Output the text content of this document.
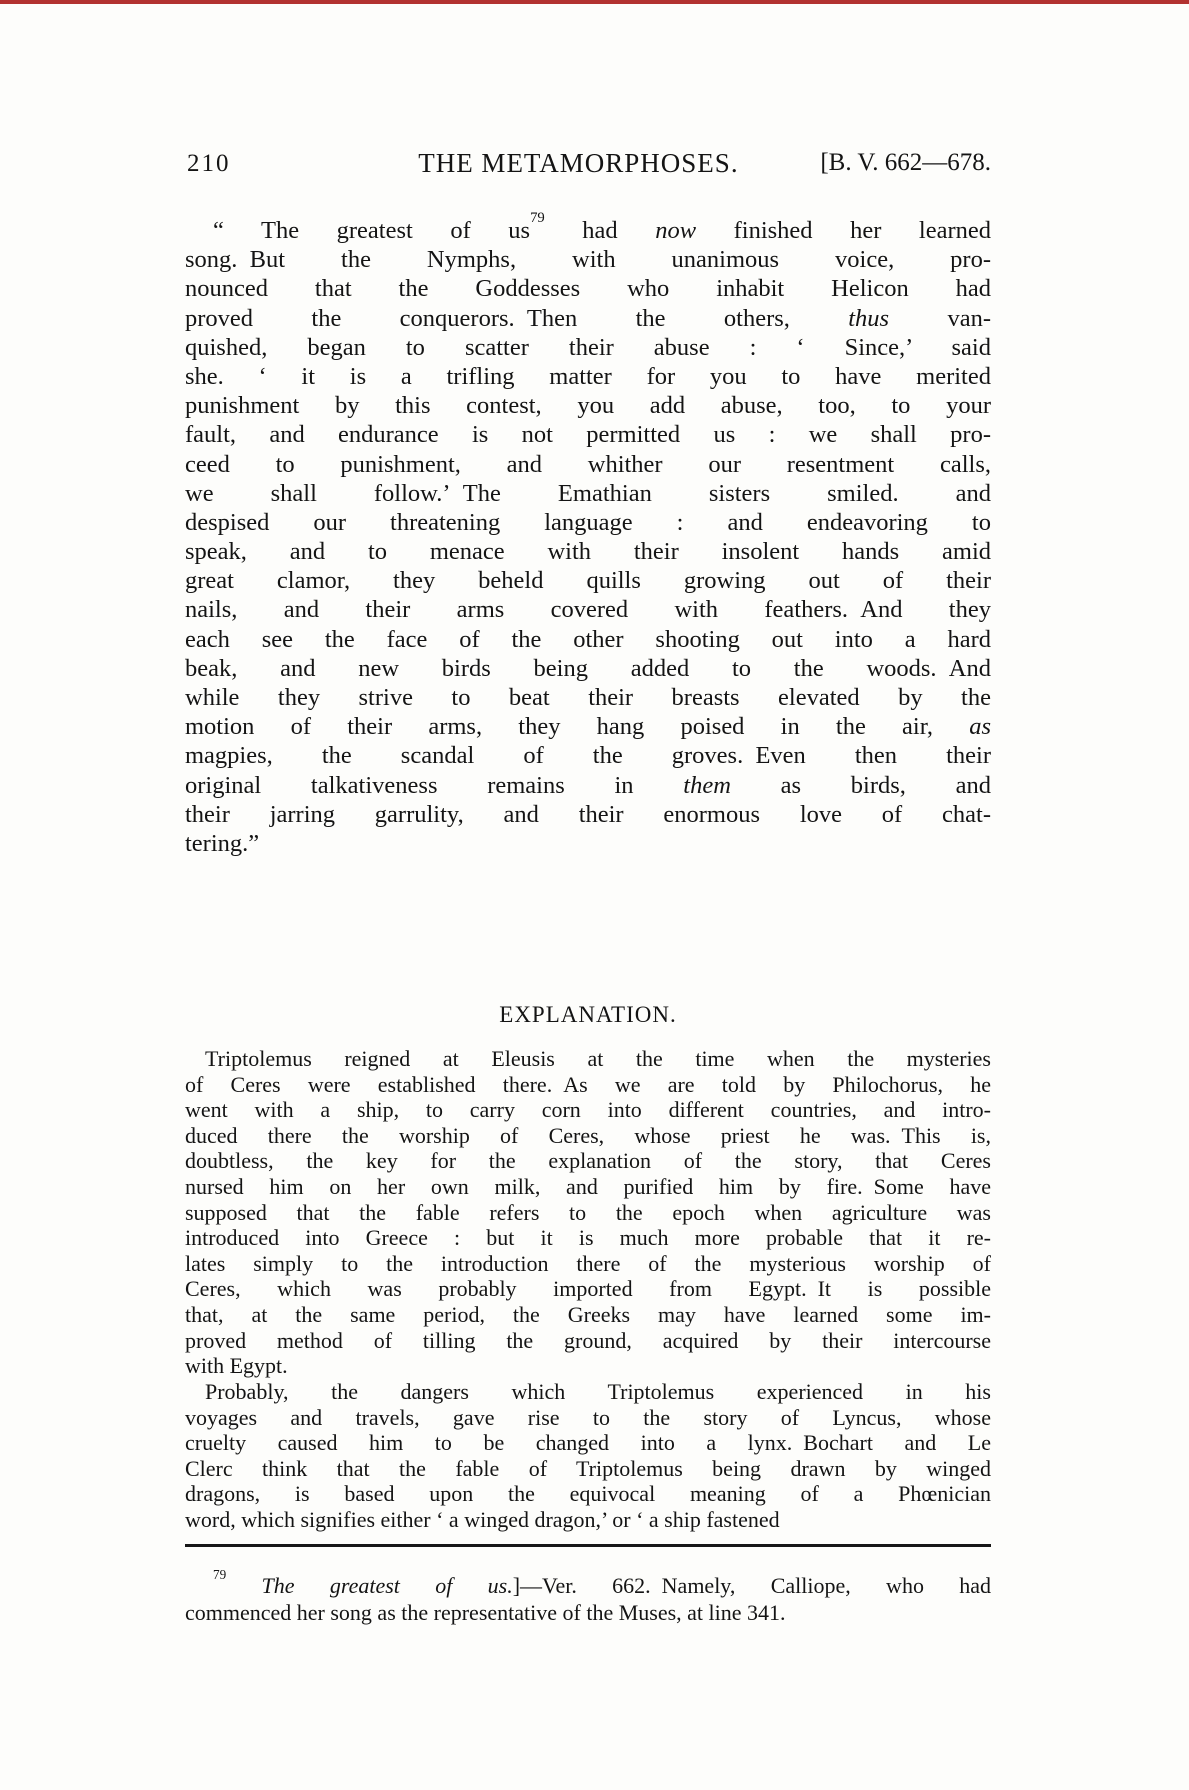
210	THE METAMORPHOSES.	[B. V. 662—678.
“ The greatest of $us^{79}$ had now finished her learned
song. But the Nymphs, with unanimous voice, pro-
nounced that the Goddesses who inhabit Helicon had
proved the conquerors. Then the others, thus van-
quished, began to scatter their abuse : ‘ Since,’ said
she. ‘ it is a trifling matter for you to have merited
punishment by this contest, you add abuse, too, to your
fault, and endurance is not permitted us : we shall pro-
ceed to punishment, and whither our resentment calls,
we shall follow.’ The Emathian sisters smiled. and
despised our threatening language : and endeavoring to
speak, and to menace with their insolent hands amid
great clamor, they beheld quills growing out of their
nails, and their arms covered with feathers. And they
each see the face of the other shooting out into a hard
beak, and new birds being added to the woods. And
while they strive to beat their breasts elevated by the
motion of their arms, they hang poised in the air, as
magpies, the scandal of the groves. Even then their
original talkativeness remains in them as birds, and
their jarring garrulity, and their enormous love of chat-
tering.”
EXPLANATION.
Triptolemus reigned at Eleusis at the time when the mysteries
of Ceres were established there. As we are told by Philochorus, he
went with a ship, to carry corn into different countries, and intro-
duced there the worship of Ceres, whose priest he was. This is,
doubtless, the key for the explanation of the story, that Ceres
nursed him on her own milk, and purified him by fire. Some have
supposed that the fable refers to the epoch when agriculture was
introduced into Greece : but it is much more probable that it re-
lates simply to the introduction there of the mysterious worship of
Ceres, which was probably imported from Egypt. It is possible
that, at the same period, the Greeks may have learned some im-
proved method of tilling the ground, acquired by their intercourse
with Egypt.
Probably, the dangers which Triptolemus experienced in his
voyages and travels, gave rise to the story of Lyncus, whose
cruelty caused him to be changed into a lynx. Bochart and Le
Clerc think that the fable of Triptolemus being drawn by winged
dragons, is based upon the equivocal meaning of a Phœnician
word, which signifies either ‘ a winged dragon,’ or ‘ a ship fastened
$^{79}$ The greatest of us.]—Ver. 662. Namely, Calliope, who had
commenced her song as the representative of the Muses, at line 341.
